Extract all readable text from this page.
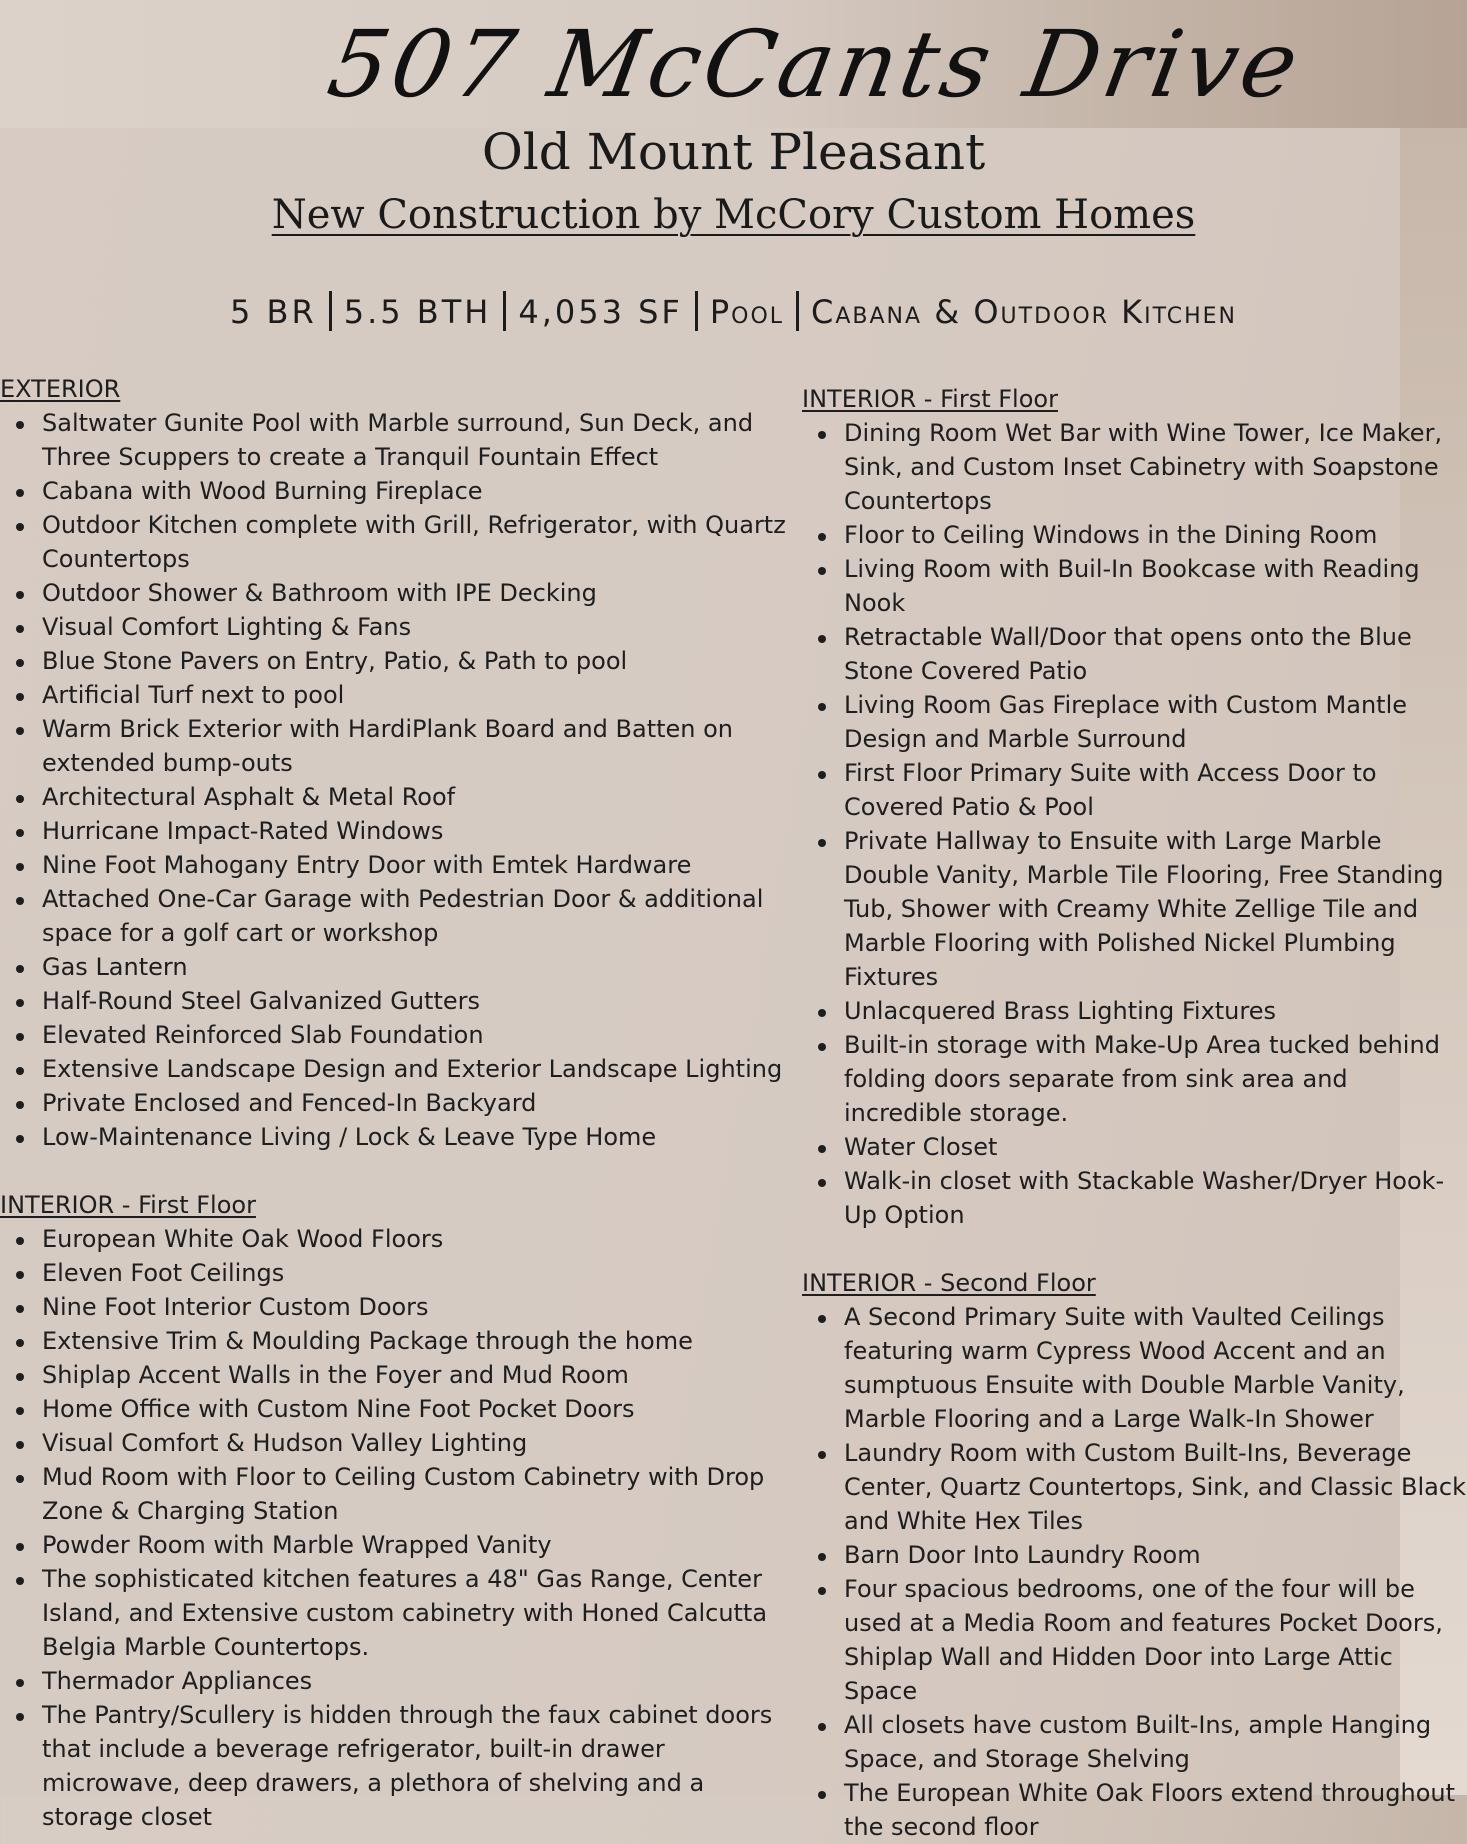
507 McCants Drive
Old Mount Pleasant
New Construction by McCory Custom Homes
5 BR 5.5 BTH 4,053 SF Pool Cabana & Outdoor Kitchen
EXTERIOR
Saltwater Gunite Pool with Marble surround, Sun Deck, and Three Scuppers to create a Tranquil Fountain Effect
Cabana with Wood Burning Fireplace
Outdoor Kitchen complete with Grill, Refrigerator, with Quartz Countertops
Outdoor Shower & Bathroom with IPE Decking
Visual Comfort Lighting & Fans
Blue Stone Pavers on Entry, Patio, & Path to pool
Artificial Turf next to pool
Warm Brick Exterior with HardiPlank Board and Batten on extended bump-outs
Architectural Asphalt & Metal Roof
Hurricane Impact-Rated Windows
Nine Foot Mahogany Entry Door with Emtek Hardware
Attached One-Car Garage with Pedestrian Door & additional space for a golf cart or workshop
Gas Lantern
Half-Round Steel Galvanized Gutters
Elevated Reinforced Slab Foundation
Extensive Landscape Design and Exterior Landscape Lighting
Private Enclosed and Fenced-In Backyard
Low-Maintenance Living / Lock & Leave Type Home
INTERIOR - First Floor
European White Oak Wood Floors
Eleven Foot Ceilings
Nine Foot Interior Custom Doors
Extensive Trim & Moulding Package through the home
Shiplap Accent Walls in the Foyer and Mud Room
Home Office with Custom Nine Foot Pocket Doors
Visual Comfort & Hudson Valley Lighting
Mud Room with Floor to Ceiling Custom Cabinetry with Drop Zone & Charging Station
Powder Room with Marble Wrapped Vanity
The sophisticated kitchen features a 48" Gas Range, Center Island, and Extensive custom cabinetry with Honed Calcutta Belgia Marble Countertops.
Thermador Appliances
The Pantry/Scullery is hidden through the faux cabinet doors that include a beverage refrigerator, built-in drawer microwave, deep drawers, a plethora of shelving and a storage closet
INTERIOR - First Floor
Dining Room Wet Bar with Wine Tower, Ice Maker, Sink, and Custom Inset Cabinetry with Soapstone Countertops
Floor to Ceiling Windows in the Dining Room
Living Room with Buil-In Bookcase with Reading Nook
Retractable Wall/Door that opens onto the Blue Stone Covered Patio
Living Room Gas Fireplace with Custom Mantle Design and Marble Surround
First Floor Primary Suite with Access Door to Covered Patio & Pool
Private Hallway to Ensuite with Large Marble Double Vanity, Marble Tile Flooring, Free Standing Tub, Shower with Creamy White Zellige Tile and Marble Flooring with Polished Nickel Plumbing Fixtures
Unlacquered Brass Lighting Fixtures
Built-in storage with Make-Up Area tucked behind folding doors separate from sink area and incredible storage.
Water Closet
Walk-in closet with Stackable Washer/Dryer Hook-Up Option
INTERIOR - Second Floor
A Second Primary Suite with Vaulted Ceilings featuring warm Cypress Wood Accent and an sumptuous Ensuite with Double Marble Vanity, Marble Flooring and a Large Walk-In Shower
Laundry Room with Custom Built-Ins, Beverage Center, Quartz Countertops, Sink, and Classic Black and White Hex Tiles
Barn Door Into Laundry Room
Four spacious bedrooms, one of the four will be used at a Media Room and features Pocket Doors, Shiplap Wall and Hidden Door into Large Attic Space
All closets have custom Built-Ins, ample Hanging Space, and Storage Shelving
The European White Oak Floors extend throughout the second floor
